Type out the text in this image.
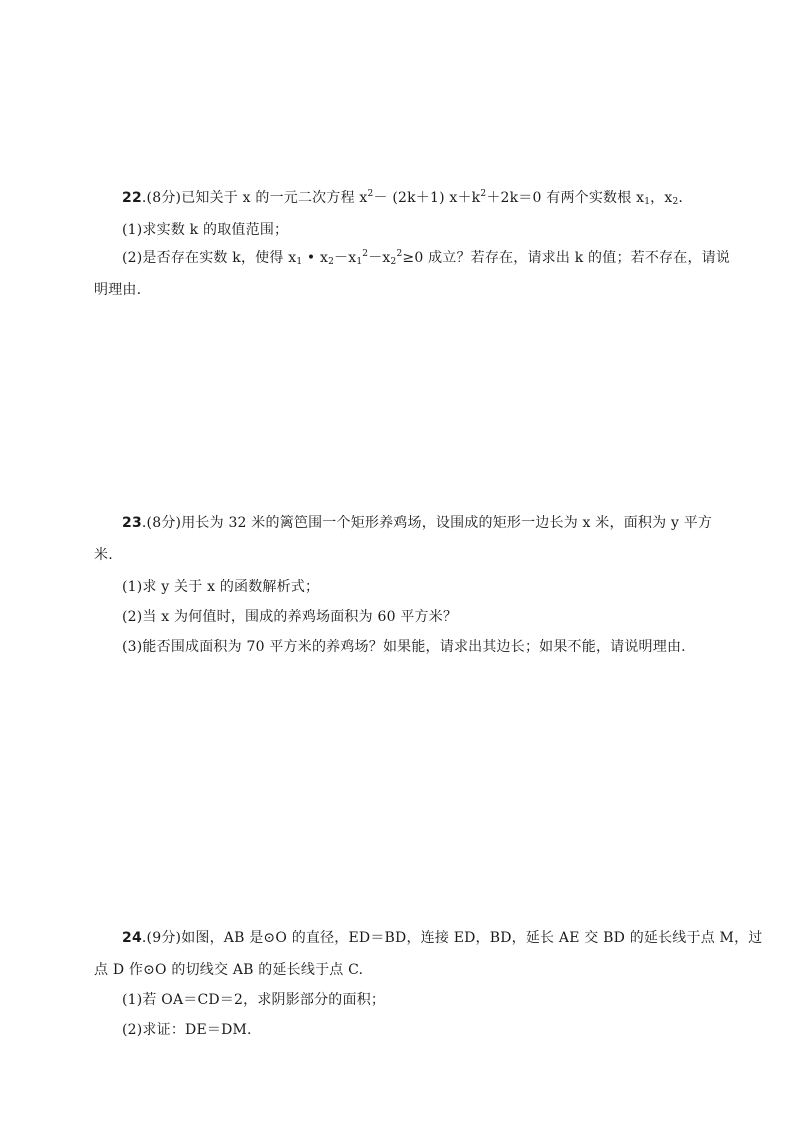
22.(8分)已知关于 x 的一元二次方程 $x^2- (2k+1)$ $x+k^2+2k=0$ 有两个实数根 $x_1$，$x_2$.
(1)求实数 k 的取值范围；
(2)是否存在实数 k，使得 $x_1$ • $x_2-x_1^2-x_2^2\ge 0$ 成立？若存在，请求出 k 的值；若不存在，请说
明理由.
23.(8分)用长为 32 米的篱笆围一个矩形养鸡场，设围成的矩形一边长为 x 米，面积为 y 平方
米.
(1)求 y 关于 x 的函数解析式；
(2)当 x 为何值时，围成的养鸡场面积为 60 平方米？
(3)能否围成面积为 70 平方米的养鸡场？如果能，请求出其边长；如果不能，请说明理由.
24.(9分)如图，AB 是⊙O 的直径，ED＝BD，连接 ED，BD，延长 AE 交 BD 的延长线于点 M，过
点 D 作⊙O 的切线交 AB 的延长线于点 C.
(1)若 OA＝CD＝2，求阴影部分的面积；
(2)求证：DE＝DM.
